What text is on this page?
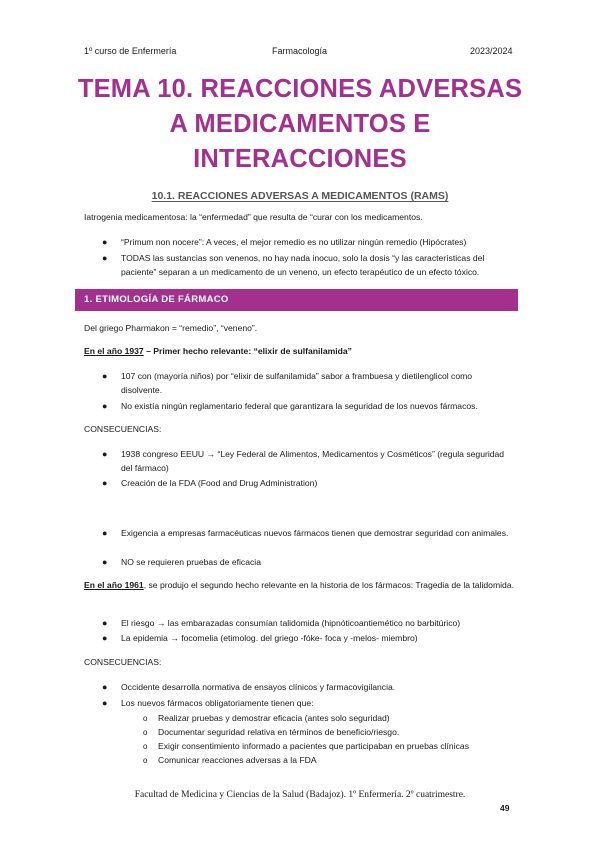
1º curso de Enfermería	Farmacología	2023/2024
TEMA 10. REACCIONES ADVERSAS
A MEDICAMENTOS E
INTERACCIONES
10.1. REACCIONES ADVERSAS A MEDICAMENTOS (RAMS)
Iatrogenia medicamentosa: la “enfermedad” que resulta de “curar con los medicamentos.
● “Primum non nocere”: A veces, el mejor remedio es no utilizar ningún remedio (Hipócrates)
● TODAS las sustancias son venenos, no hay nada inocuo, solo la dosis “y las características del paciente” separan a un medicamento de un veneno, un efecto terapéutico de un efecto tóxico.
1. ETIMOLOGÍA DE FÁRMACO
Del griego Pharmakon = “remedio”, “veneno”.
En el año 1937 – Primer hecho relevante: “elixir de sulfanilamida”
● 107 con (mayoría niños) por “elixir de sulfanilamida” sabor a frambuesa y dietilenglicol como disolvente.
● No existía ningún reglamentario federal que garantizara la seguridad de los nuevos fármacos.
CONSECUENCIAS:
● 1938 congreso EEUU → “Ley Federal de Alimentos, Medicamentos y Cosméticos” (regula seguridad del fármaco)
● Creación de la FDA (Food and Drug Administration)
● Exigencia a empresas farmacéuticas nuevos fármacos tienen que demostrar seguridad con animales.
● NO se requieren pruebas de eficacia
En el año 1961, se produjo el segundo hecho relevante en la historia de los fármacos: Tragedia de la talidomida.
● El riesgo → las embarazadas consumían talidomida (hipnóticoantiemético no barbitúrico)
● La epidemia → focomelia (etimolog. del griego -fóke- foca y -melos- miembro)
CONSECUENCIAS:
● Occidente desarrolla normativa de ensayos clínicos y farmacovigilancia.
● Los nuevos fármacos obligatoriamente tienen que:
o Realizar pruebas y demostrar eficacia (antes solo seguridad)
o Documentar seguridad relativa en términos de beneficio/riesgo.
o Exigir consentimiento informado a pacientes que participaban en pruebas clínicas
o Comunicar reacciones adversas a la FDA
Facultad de Medicina y Ciencias de la Salud (Badajoz). 1º Enfermería. 2º cuatrimestre.
49
